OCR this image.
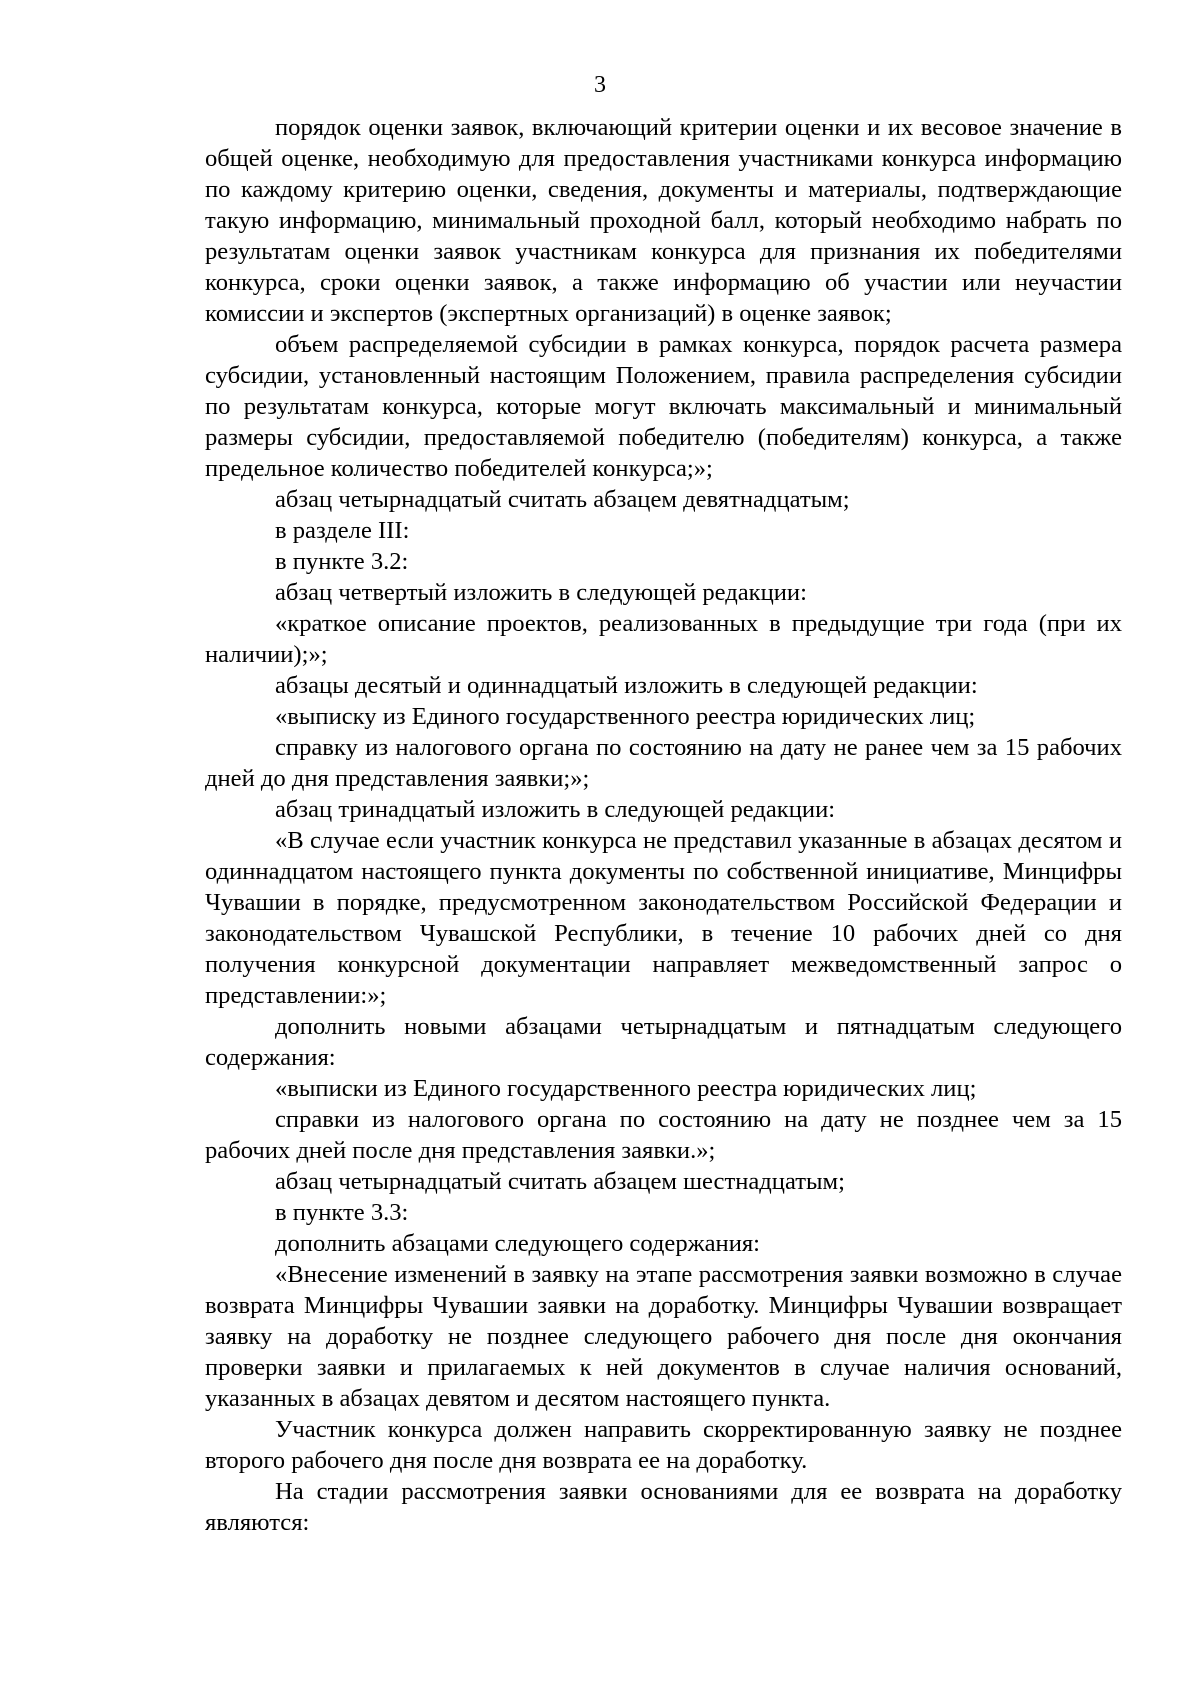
3

порядок оценки заявок, включающий критерии оценки и их весовое значение в общей оценке, необходимую для предоставления участниками конкурса информацию по каждому критерию оценки, сведения, документы и материалы, подтверждающие такую информацию, минимальный проходной балл, который необходимо набрать по результатам оценки заявок участникам конкурса для признания их победителями конкурса, сроки оценки заявок, а также информацию об участии или неучастии комиссии и экспертов (экспертных организаций) в оценке заявок;

объем распределяемой субсидии в рамках конкурса, порядок расчета размера субсидии, установленный настоящим Положением, правила распределения субсидии по результатам конкурса, которые могут включать максимальный и минимальный размеры субсидии, предоставляемой победителю (победителям) конкурса, а также предельное количество победителей конкурса;»;

абзац четырнадцатый считать абзацем девятнадцатым;

в разделе III:

в пункте 3.2:

абзац четвертый изложить в следующей редакции:

«краткое описание проектов, реализованных в предыдущие три года (при их наличии);»;

абзацы десятый и одиннадцатый изложить в следующей редакции:

«выписку из Единого государственного реестра юридических лиц;

справку из налогового органа по состоянию на дату не ранее чем за 15 рабочих дней до дня представления заявки;»;

абзац тринадцатый изложить в следующей редакции:

«В случае если участник конкурса не представил указанные в абзацах десятом и одиннадцатом настоящего пункта документы по собственной инициативе, Минцифры Чувашии в порядке, предусмотренном законодательством Российской Федерации и законодательством Чувашской Республики, в течение 10 рабочих дней со дня получения конкурсной документации направляет межведомственный запрос о представлении:»;

дополнить новыми абзацами четырнадцатым и пятнадцатым следующего содержания:

«выписки из Единого государственного реестра юридических лиц;

справки из налогового органа по состоянию на дату не позднее чем за 15 рабочих дней после дня представления заявки.»;

абзац четырнадцатый считать абзацем шестнадцатым;

в пункте 3.3:

дополнить абзацами следующего содержания:

«Внесение изменений в заявку на этапе рассмотрения заявки возможно в случае возврата Минцифры Чувашии заявки на доработку. Минцифры Чувашии возвращает заявку на доработку не позднее следующего рабочего дня после дня окончания проверки заявки и прилагаемых к ней документов в случае наличия оснований, указанных в абзацах девятом и десятом настоящего пункта.

Участник конкурса должен направить скорректированную заявку не позднее второго рабочего дня после дня возврата ее на доработку.

На стадии рассмотрения заявки основаниями для ее возврата на доработку являются:
